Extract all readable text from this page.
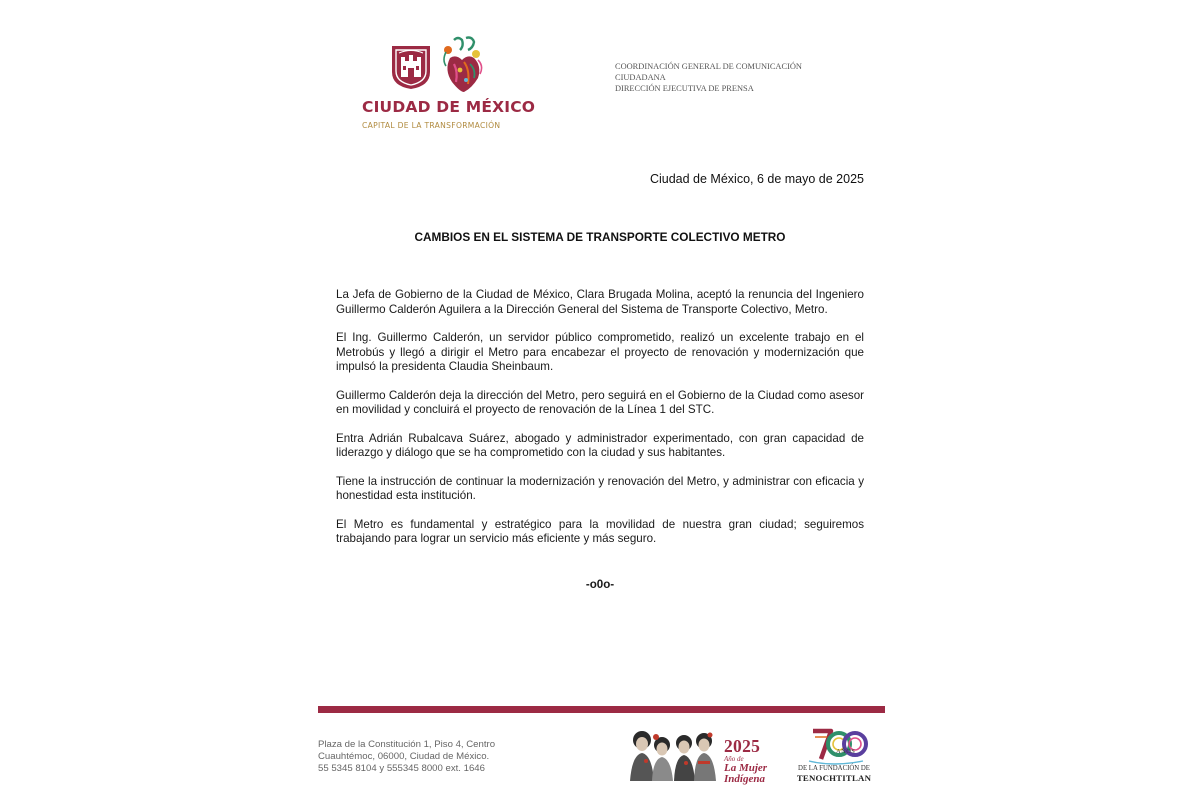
CIUDAD DE MÉXICO
CAPITAL DE LA TRANSFORMACIÓN
COORDINACIÓN GENERAL DE COMUNICACIÓN
CIUDADANA
DIRECCIÓN EJECUTIVA DE PRENSA
Ciudad de México, 6 de mayo de 2025
CAMBIOS EN EL SISTEMA DE TRANSPORTE COLECTIVO METRO

La Jefa de Gobierno de la Ciudad de México, Clara Brugada Molina, aceptó la renuncia del Ingeniero Guillermo Calderón Aguilera a la Dirección General del Sistema de Transporte Colectivo, Metro.

El Ing. Guillermo Calderón, un servidor público comprometido, realizó un excelente trabajo en el Metrobús y llegó a dirigir el Metro para encabezar el proyecto de renovación y modernización que impulsó la presidenta Claudia Sheinbaum.

Guillermo Calderón deja la dirección del Metro, pero seguirá en el Gobierno de la Ciudad como asesor en movilidad y concluirá el proyecto de renovación de la Línea 1 del STC.

Entra Adrián Rubalcava Suárez, abogado y administrador experimentado, con gran capacidad de liderazgo y diálogo que se ha comprometido con la ciudad y sus habitantes.

Tiene la instrucción de continuar la modernización y renovación del Metro, y administrar con eficacia y honestidad esta institución.

El Metro es fundamental y estratégico para la movilidad de nuestra gran ciudad; seguiremos trabajando para lograr un servicio más eficiente y más seguro.

-o0o-
Plaza de la Constitución 1, Piso 4, Centro
Cuauhtémoc, 06000, Ciudad de México.
55 5345 8104 y 555345 8000 ext. 1646
2025
Año de
La Mujer
Indígena
DE LA FUNDACIÓN DE
TENOCHTITLAN
AÑOS
